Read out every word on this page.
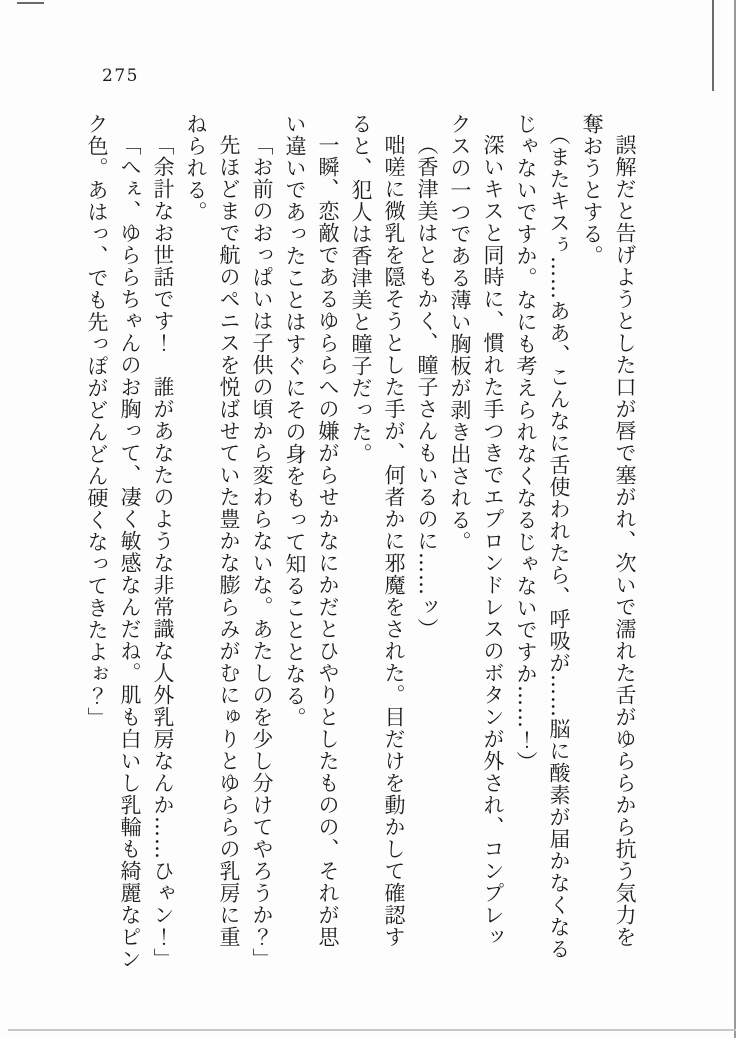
275
誤解だと告げようとした口が唇で塞がれ、次いで濡れた舌がゆららから抗う気力を
奪おうとする。
（またキスぅ……ああ、こんなに舌使われたら、呼吸が……脳に酸素が届かなくなる
じゃないですか。なにも考えられなくなるじゃないですか……！）
深いキスと同時に、慣れた手つきでエプロンドレスのボタンが外され、コンプレッ
クスの一つである薄い胸板が剥き出される。
（香津美はともかく、瞳子さんもいるのに……ッ）
咄嗟に微乳を隠そうとした手が、何者かに邪魔をされた。目だけを動かして確認す
ると、犯人は香津美と瞳子だった。
一瞬、恋敵であるゆららへの嫌がらせかなにかだとひやりとしたものの、それが思
い違いであったことはすぐにその身をもって知ることとなる。
「お前のおっぱいは子供の頃から変わらないな。あたしのを少し分けてやろうか？」
先ほどまで航のペニスを悦ばせていた豊かな膨らみがむにゅりとゆららの乳房に重
ねられる。
「余計なお世話です！　誰があなたのような非常識な人外乳房なんか……ひゃン！」
「へぇ、ゆららちゃんのお胸って、凄く敏感なんだね。肌も白いし乳輪も綺麗なピン
ク色。あはっ、でも先っぽがどんどん硬くなってきたよぉ？」
